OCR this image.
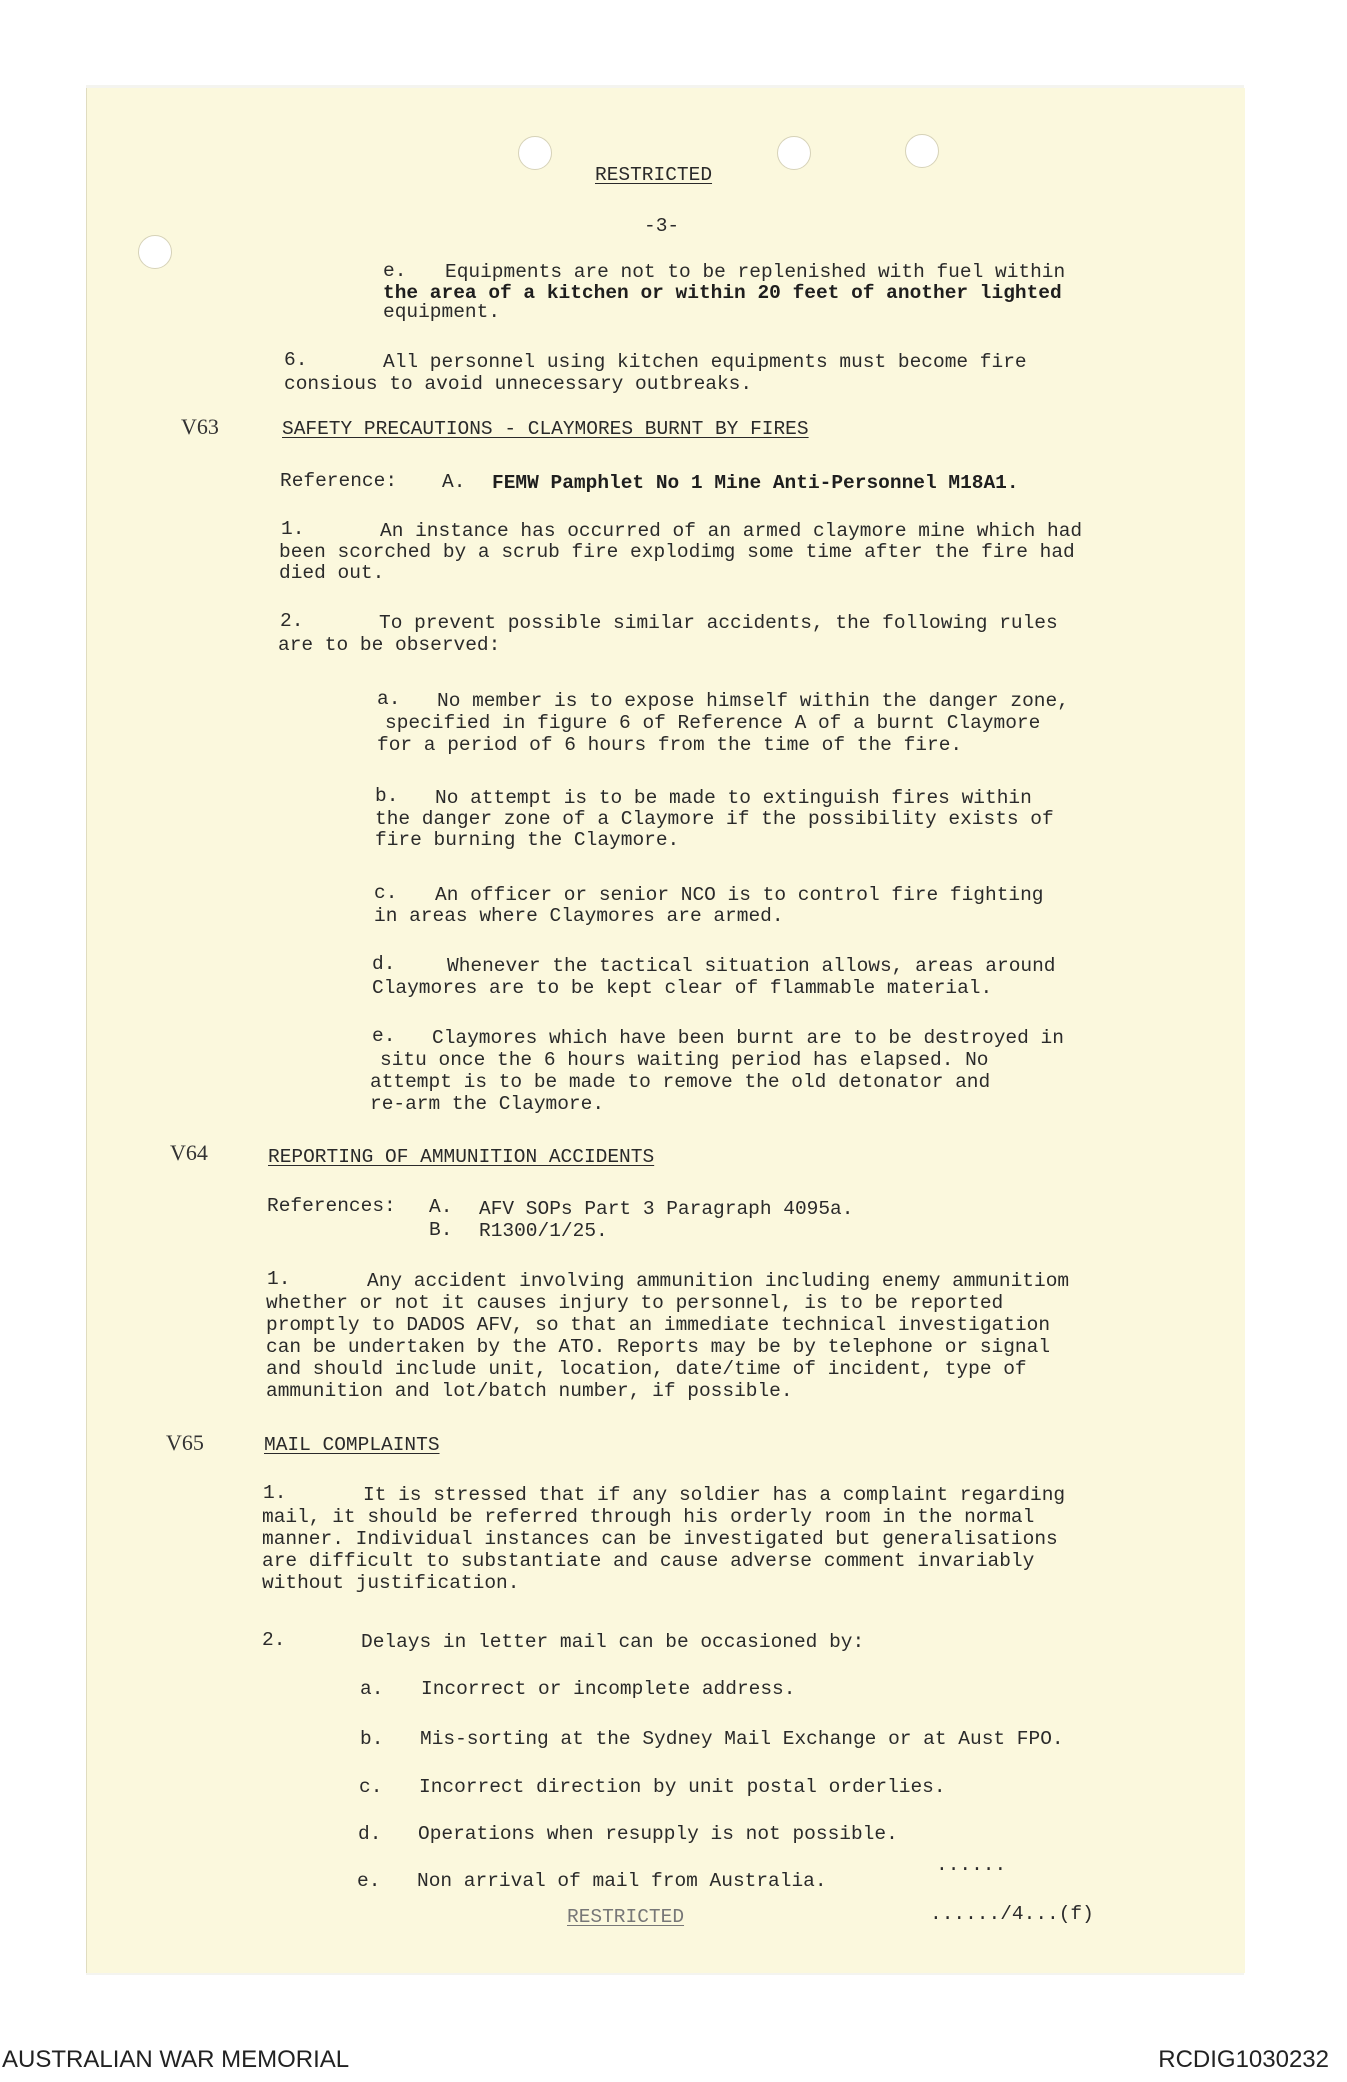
RESTRICTED
-3-
e. Equipments are not to be replenished with fuel within
the area of a kitchen or within 20 feet of another lighted
equipment.
6.	All personnel using kitchen equipments must become fire
consious to avoid unnecessary outbreaks.
V63	SAFETY PRECAUTIONS - CLAYMORES BURNT BY FIRES
Reference: A. FEMW Pamphlet No 1 Mine Anti-Personnel M18A1.
1.	An instance has occurred of an armed claymore mine which had
been scorched by a scrub fire explodimg some time after the fire had
died out.
2.	To prevent possible similar accidents, the following rules
are to be observed:
a. No member is to expose himself within the danger zone,
specified in figure 6 of Reference A of a burnt Claymore
for a period of 6 hours from the time of the fire.
b. No attempt is to be made to extinguish fires within
the danger zone of a Claymore if the possibility exists of
fire burning the Claymore.
c. An officer or senior NCO is to control fire fighting
in areas where Claymores are armed.
d.	Whenever the tactical situation allows, areas around
Claymores are to be kept clear of flammable material.
e. Claymores which have been burnt are to be destroyed in
situ once the 6 hours waiting period has elapsed. No
attempt is to be made to remove the old detonator and
re-arm the Claymore.
V64	REPORTING OF AMMUNITION ACCIDENTS
References: A. AFV SOPs Part 3 Paragraph 4095a.
B. R1300/1/25.
1.	Any accident involving ammunition including enemy ammunitiom
whether or not it causes injury to personnel, is to be reported
promptly to DADOS AFV, so that an immediate technical investigation
can be undertaken by the ATO. Reports may be by telephone or signal
and should include unit, location, date/time of incident, type of
ammunition and lot/batch number, if possible.
V65	MAIL COMPLAINTS
1.	It is stressed that if any soldier has a complaint regarding
mail, it should be referred through his orderly room in the normal
manner. Individual instances can be investigated but generalisations
are difficult to substantiate and cause adverse comment invariably
without justification.
2.	Delays in letter mail can be occasioned by:
a. Incorrect or incomplete address.
b. Mis-sorting at the Sydney Mail Exchange or at Aust FPO.
c. Incorrect direction by unit postal orderlies.
d. Operations when resupply is not possible.
e. Non arrival of mail from Australia.
......
RESTRICTED	....../4...(f)
AUSTRALIAN WAR MEMORIAL	RCDIG1030232
